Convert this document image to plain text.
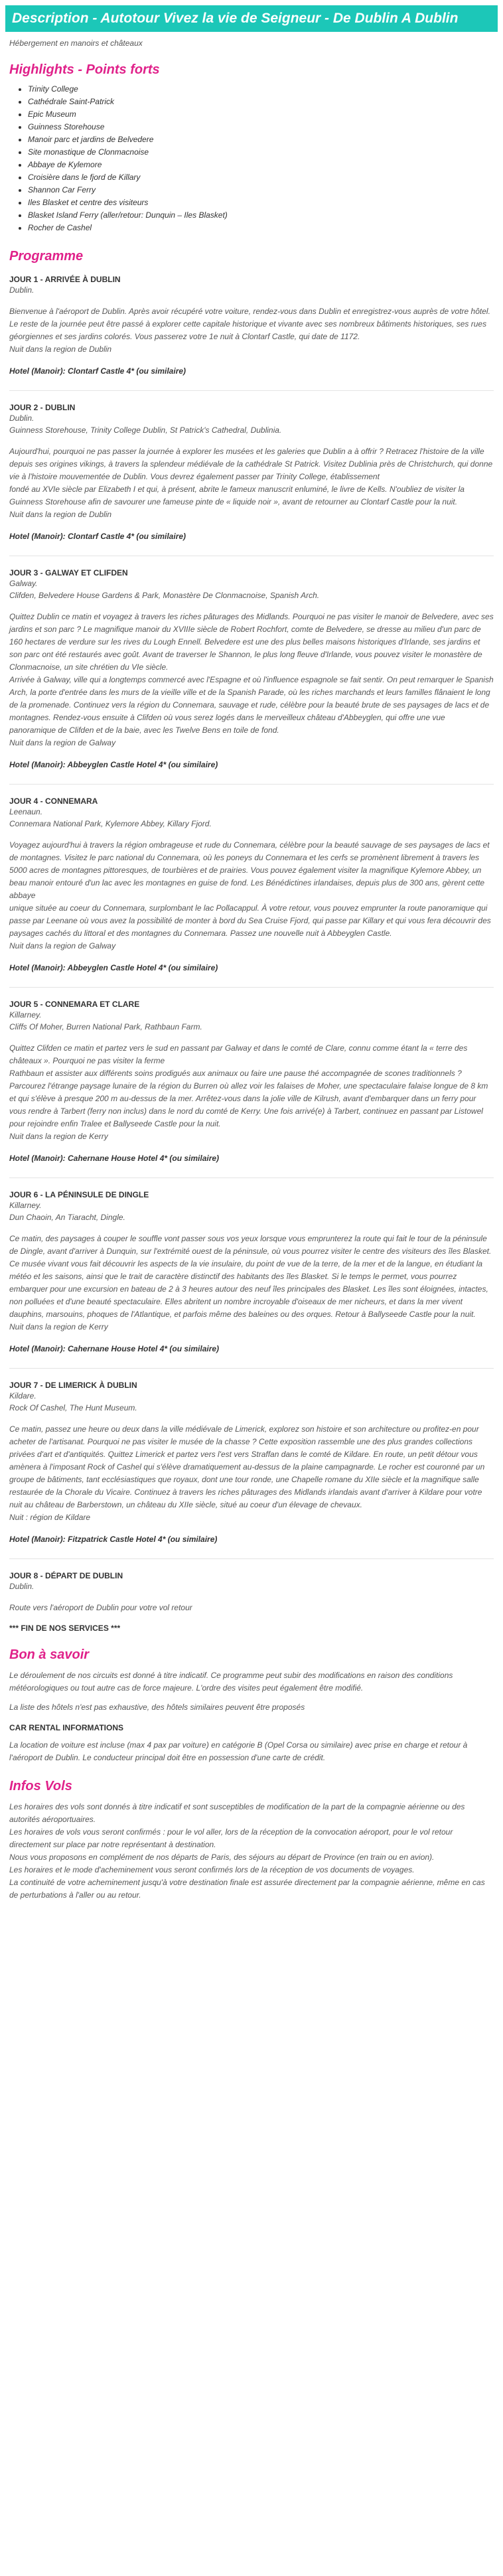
Description - Autotour Vivez la vie de Seigneur - De Dublin A Dublin
Hébergement en manoirs et châteaux
Highlights - Points forts
• Trinity College
• Cathédrale Saint-Patrick
• Epic Museum
• Guinness Storehouse
• Manoir parc et jardins de Belvedere
• Site monastique de Clonmacnoise
• Abbaye de Kylemore
• Croisière dans le fjord de Killary
• Shannon Car Ferry
• Iles Blasket et centre des visiteurs
• Blasket Island Ferry (aller/retour: Dunquin – Iles Blasket)
• Rocher de Cashel
Programme
JOUR 1 - ARRIVÉE À DUBLIN
Dublin.
Bienvenue à l'aéroport de Dublin. Après avoir récupéré votre voiture, rendez-vous dans Dublin et enregistrez-vous auprès de votre hôtel. Le reste de la journée peut être passé à explorer cette capitale historique et vivante avec ses nombreux bâtiments historiques, ses rues géorgiennes et ses jardins colorés. Vous passerez votre 1e nuit à Clontarf Castle, qui date de 1172.
Nuit dans la region de Dublin
Hotel (Manoir): Clontarf Castle 4* (ou similaire)
JOUR 2 - DUBLIN
Dublin.
Guinness Storehouse, Trinity College Dublin, St Patrick's Cathedral, Dublinia.
Aujourd'hui, pourquoi ne pas passer la journée à explorer les musées et les galeries que Dublin a à offrir ? Retracez l'histoire de la ville depuis ses origines vikings, à travers la splendeur médiévale de la cathédrale St Patrick. Visitez Dublinia près de Christchurch, qui donne vie à l'histoire mouvementée de Dublin. Vous devrez également passer par Trinity College, établissement
fondé au XVIe siècle par Elizabeth I et qui, à présent, abrite le fameux manuscrit enluminé, le livre de Kells. N'oubliez de visiter la Guinness Storehouse afin de savourer une fameuse pinte de « liquide noir », avant de retourner au Clontarf Castle pour la nuit.
Nuit dans la region de Dublin
Hotel (Manoir): Clontarf Castle 4* (ou similaire)
JOUR 3 - GALWAY ET CLIFDEN
Galway.
Clifden, Belvedere House Gardens & Park, Monastère De Clonmacnoise, Spanish Arch.
Quittez Dublin ce matin et voyagez à travers les riches pâturages des Midlands. Pourquoi ne pas visiter le manoir de Belvedere, avec ses jardins et son parc ? Le magnifique manoir du XVIIIe siècle de Robert Rochfort, comte de Belvedere, se dresse au milieu d'un parc de 160 hectares de verdure sur les rives du Lough Ennell. Belvedere est une des plus belles maisons historiques d'Irlande, ses jardins et son parc ont été restaurés avec goût. Avant de traverser le Shannon, le plus long fleuve d'Irlande, vous pouvez visiter le monastère de Clonmacnoise, un site chrétien du VIe siècle.
Arrivée à Galway, ville qui a longtemps commercé avec l'Espagne et où l'influence espagnole se fait sentir. On peut remarquer le Spanish Arch, la porte d'entrée dans les murs de la vieille ville et de la Spanish Parade, où les riches marchands et leurs familles flânaient le long de la promenade. Continuez vers la région du Connemara, sauvage et rude, célèbre pour la beauté brute de ses paysages de lacs et de montagnes. Rendez-vous ensuite à Clifden où vous serez logés dans le merveilleux château d'Abbeyglen, qui offre une vue panoramique de Clifden et de la baie, avec les Twelve Bens en toile de fond.
Nuit dans la region de Galway
Hotel (Manoir): Abbeyglen Castle Hotel 4* (ou similaire)
JOUR 4 - CONNEMARA
Leenaun.
Connemara National Park, Kylemore Abbey, Killary Fjord.
Voyagez aujourd'hui à travers la région ombrageuse et rude du Connemara, célèbre pour la beauté sauvage de ses paysages de lacs et de montagnes. Visitez le parc national du Connemara, où les poneys du Connemara et les cerfs se promènent librement à travers les 5000 acres de montagnes pittoresques, de tourbières et de prairies. Vous pouvez également visiter la magnifique Kylemore Abbey, un beau manoir entouré d'un lac avec les montagnes en guise de fond. Les Bénédictines irlandaises, depuis plus de 300 ans, gèrent cette abbaye
unique située au coeur du Connemara, surplombant le lac Pollacappul. À votre retour, vous pouvez emprunter la route panoramique qui passe par Leenane où vous avez la possibilité de monter à bord du Sea Cruise Fjord, qui passe par Killary et qui vous fera découvrir des paysages cachés du littoral et des montagnes du Connemara. Passez une nouvelle nuit à Abbeyglen Castle.
Nuit dans la region de Galway
Hotel (Manoir): Abbeyglen Castle Hotel 4* (ou similaire)
JOUR 5 - CONNEMARA ET CLARE
Killarney.
Cliffs Of Moher, Burren National Park, Rathbaun Farm.
Quittez Clifden ce matin et partez vers le sud en passant par Galway et dans le comté de Clare, connu comme étant la « terre des châteaux ». Pourquoi ne pas visiter la ferme
Rathbaun et assister aux différents soins prodigués aux animaux ou faire une pause thé accompagnée de scones traditionnels ? Parcourez l'étrange paysage lunaire de la région du Burren où allez voir les falaises de Moher, une spectaculaire falaise longue de 8 km et qui s'élève à presque 200 m au-dessus de la mer. Arrêtez-vous dans la jolie ville de Kilrush, avant d'embarquer dans un ferry pour vous rendre à Tarbert (ferry non inclus) dans le nord du comté de Kerry. Une fois arrivé(e) à Tarbert, continuez en passant par Listowel pour rejoindre enfin Tralee et Ballyseede Castle pour la nuit.
Nuit dans la region de Kerry
Hotel (Manoir): Cahernane House Hotel 4* (ou similaire)
JOUR 6 - LA PÉNINSULE DE DINGLE
Killarney.
Dun Chaoin, An Tiaracht, Dingle.
Ce matin, des paysages à couper le souffle vont passer sous vos yeux lorsque vous emprunterez la route qui fait le tour de la péninsule de Dingle, avant d'arriver à Dunquin, sur l'extrémité ouest de la péninsule, où vous pourrez visiter le centre des visiteurs des îles Blasket. Ce musée vivant vous fait découvrir les aspects de la vie insulaire, du point de vue de la terre, de la mer et de la langue, en étudiant la météo et les saisons, ainsi que le trait de caractère distinctif des habitants des îles Blasket. Si le temps le permet, vous pourrez embarquer pour une excursion en bateau de 2 à 3 heures autour des neuf îles principales des Blasket. Les îles sont éloignées, intactes, non polluées et d'une beauté spectaculaire. Elles abritent un nombre incroyable d'oiseaux de mer nicheurs, et dans la mer vivent dauphins, marsouins, phoques de l'Atlantique, et parfois même des baleines ou des orques. Retour à Ballyseede Castle pour la nuit.
Nuit dans la region de Kerry
Hotel (Manoir): Cahernane House Hotel 4* (ou similaire)
JOUR 7 - DE LIMERICK À DUBLIN
Kildare.
Rock Of Cashel, The Hunt Museum.
Ce matin, passez une heure ou deux dans la ville médiévale de Limerick, explorez son histoire et son architecture ou profitez-en pour acheter de l'artisanat. Pourquoi ne pas visiter le musée de la chasse ? Cette exposition rassemble une des plus grandes collections privées d'art et d'antiquités. Quittez Limerick et partez vers l'est vers Straffan dans le comté de Kildare. En route, un petit détour vous amènera à l'imposant Rock of Cashel qui s'élève dramatiquement au-dessus de la plaine campagnarde. Le rocher est couronné par un groupe de bâtiments, tant ecclésiastiques que royaux, dont une tour ronde, une Chapelle romane du XIIe siècle et la magnifique salle restaurée de la Chorale du Vicaire. Continuez à travers les riches pâturages des Midlands irlandais avant d'arriver à Kildare pour votre nuit au château de Barberstown, un château du XIIe siècle, situé au coeur d'un élevage de chevaux.
Nuit : région de Kildare
Hotel (Manoir): Fitzpatrick Castle Hotel 4* (ou similaire)
JOUR 8 - DÉPART DE DUBLIN
Dublin.
Route vers l'aéroport de Dublin pour votre vol retour
*** FIN DE NOS SERVICES ***
Bon à savoir
Le déroulement de nos circuits est donné à titre indicatif. Ce programme peut subir des modifications en raison des conditions météorologiques ou tout autre cas de force majeure. L'ordre des visites peut également être modifié.
La liste des hôtels n'est pas exhaustive, des hôtels similaires peuvent être proposés
CAR RENTAL INFORMATIONS
La location de voiture est incluse (max 4 pax par voiture) en catégorie B (Opel Corsa ou similaire) avec prise en charge et retour à l'aéroport de Dublin. Le conducteur principal doit être en possession d'une carte de crédit.
Infos Vols
Les horaires des vols sont donnés à titre indicatif et sont susceptibles de modification de la part de la compagnie aérienne ou des autorités aéroportuaires.
Les horaires de vols vous seront confirmés : pour le vol aller, lors de la réception de la convocation aéroport, pour le vol retour directement sur place par notre représentant à destination.
Nous vous proposons en complément de nos départs de Paris, des séjours au départ de Province (en train ou en avion).
Les horaires et le mode d'acheminement vous seront confirmés lors de la réception de vos documents de voyages.
La continuité de votre acheminement jusqu'à votre destination finale est assurée directement par la compagnie aérienne, même en cas de perturbations à l'aller ou au retour.
